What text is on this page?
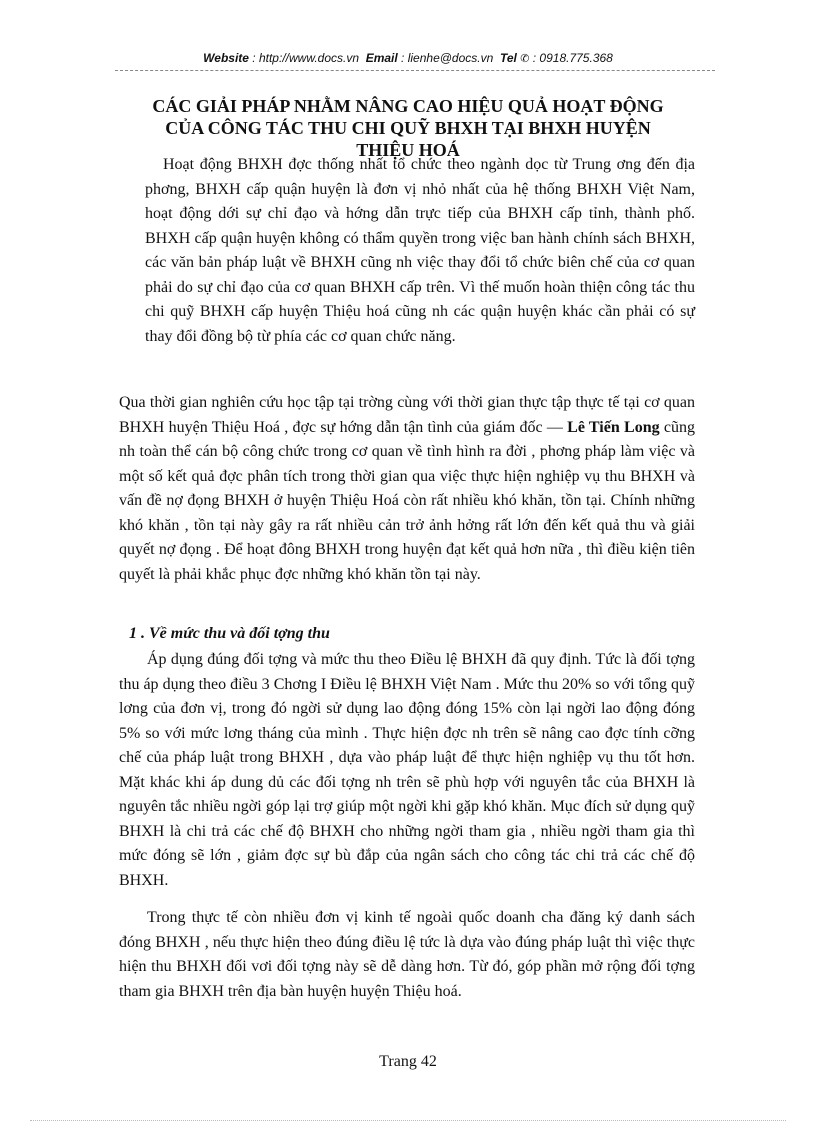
Website : http://www.docs.vn Email : lienhe@docs.vn Tel ✆ : 0918.775.368
CÁC GIẢI PHÁP NHẰM NÂNG CAO HIỆU QUẢ HOẠT ĐỘNG
CỦA CÔNG TÁC THU CHI QUỸ BHXH TẠI BHXH HUYỆN
THIỆU HOÁ
Hoạt động BHXH đợc thống nhất tổ chức theo ngành dọc từ Trung ơng đến địa phơng, BHXH cấp quận huyện là đơn vị nhỏ nhất của hệ thống BHXH Việt Nam, hoạt động dới sự chỉ đạo và hớng dẫn trực tiếp của BHXH cấp tỉnh, thành phố. BHXH cấp quận huyện không có thẩm quyền trong việc ban hành chính sách BHXH, các văn bản pháp luật về BHXH cũng nh việc thay đổi tổ chức biên chế của cơ quan phải do sự chỉ đạo của cơ quan BHXH cấp trên. Vì thế muốn hoàn thiện công tác thu chi quỹ BHXH cấp huyện Thiệu hoá cũng nh các quận huyện khác cần phải có sự thay đổi đồng bộ từ phía các cơ quan chức năng.
Qua thời gian nghiên cứu học tập tại trờng cùng với thời gian thực tập thực tế tại cơ quan BHXH huyện Thiệu Hoá , đợc sự hớng dẫn tận tình của giám đốc — Lê Tiến Long cũng nh toàn thể cán bộ công chức trong cơ quan về tình hình ra đời , phơng pháp làm việc và một số kết quả đợc phân tích trong thời gian qua việc thực hiện nghiệp vụ thu BHXH và vấn đề nợ đọng BHXH ở huyện Thiệu Hoá còn rất nhiều khó khăn, tồn tại. Chính những khó khăn , tồn tại này gây ra rất nhiều cản trở ảnh hởng rất lớn đến kết quả thu và giải quyết nợ đọng . Để hoạt đông BHXH trong huyện đạt kết quả hơn nữa , thì điều kiện tiên quyết là phải khắc phục đợc những khó khăn tồn tại này.
1 . Về mức thu và đối tợng thu
Áp dụng đúng đối tợng và mức thu theo Điều lệ BHXH đã quy định. Tức là đối tợng thu áp dụng theo điều 3 Chơng I Điều lệ BHXH Việt Nam . Mức thu 20% so với tổng quỹ lơng của đơn vị, trong đó ngời sử dụng lao động đóng 15% còn lại ngời lao động đóng 5% so với mức lơng tháng của mình . Thực hiện đợc nh trên sẽ nâng cao đợc tính cỡng chế của pháp luật trong BHXH , dựa vào pháp luật để thực hiện nghiệp vụ thu tốt hơn. Mặt khác khi áp dung dủ các đối tợng nh trên sẽ phù hợp với nguyên tắc của BHXH là nguyên tắc nhiều ngời góp lại trợ giúp một ngời khi gặp khó khăn. Mục đích sử dụng quỹ BHXH là chi trả các chế độ BHXH cho những ngời tham gia , nhiều ngời tham gia thì mức đóng sẽ lớn , giảm đợc sự bù đắp của ngân sách cho công tác chi trả các chế độ BHXH.
Trong thực tế còn nhiều đơn vị kinh tế ngoài quốc doanh cha đăng ký danh sách đóng BHXH , nếu thực hiện theo đúng điều lệ tức là dựa vào đúng pháp luật thì việc thực hiện thu BHXH đối vơi đối tợng này sẽ dễ dàng hơn. Từ đó, góp phần mở rộng đối tợng tham gia BHXH trên địa bàn huyện huyện Thiệu hoá.
Trang 42
